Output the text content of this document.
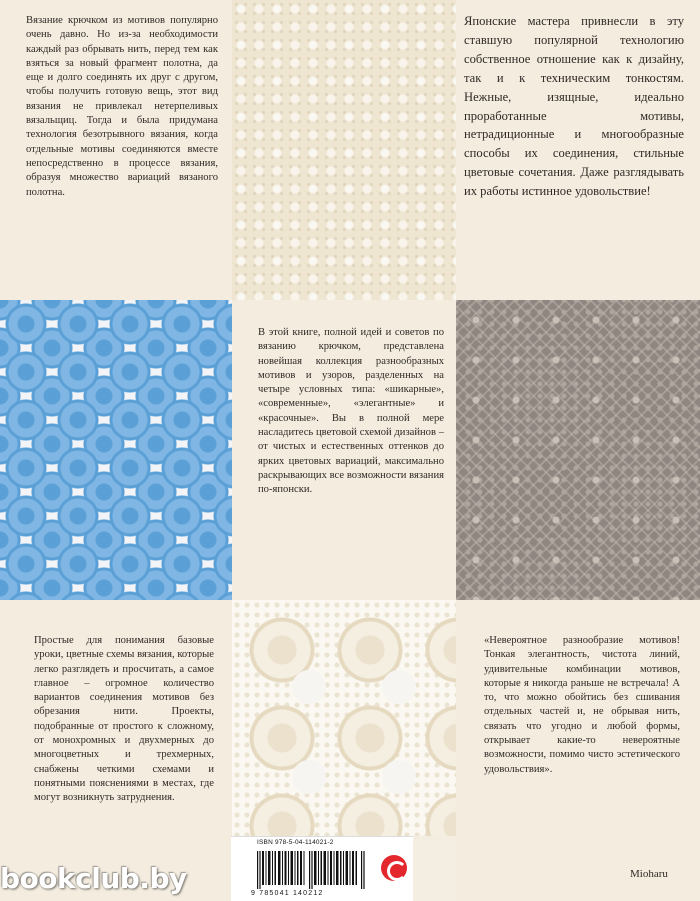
Вязание крючком из мотивов популярно очень давно. Но из-за необходимости каждый раз обрывать нить, перед тем как взяться за новый фрагмент полотна, да еще и долго соединять их друг с другом, чтобы получить готовую вещь, этот вид вязания не привлекал нетерпеливых вязальщиц. Тогда и была придумана технология безотрывного вязания, когда отдельные мотивы соединяются вместе непосредственно в процессе вязания, образуя множество вариаций вязаного полотна.

Японские мастера привнесли в эту ставшую популярной технологию собственное отношение как к дизайну, так и к техническим тонкостям. Нежные, изящные, идеально проработанные мотивы, нетрадиционные и многообразные способы их соединения, стильные цветовые сочетания. Даже разглядывать их работы истинное удовольствие!

В этой книге, полной идей и советов по вязанию крючком, представлена новейшая коллекция разнообразных мотивов и узоров, разделенных на четыре условных типа: «шикарные», «современные», «элегантные» и «красочные». Вы в полной мере насладитесь цветовой схемой дизайнов – от чистых и естественных оттенков до ярких цветовых вариаций, максимально раскрывающих все возможности вязания по-японски.

Простые для понимания базовые уроки, цветные схемы вязания, которые легко разглядеть и просчитать, а самое главное – огромное количество вариантов соединения мотивов без обрезания нити. Проекты, подобранные от простого к сложному, от монохромных и двухмерных до многоцветных и трехмерных, снабжены четкими схемами и понятными пояснениями в местах, где могут возникнуть затруднения.

«Невероятное разнообразие мотивов! Тонкая элегантность, чистота линий, удивительные комбинации мотивов, которые я никогда раньше не встречала! А то, что можно обойтись без сшивания отдельных частей и, не обрывая нить, связать что угодно и любой формы, открывает какие-то невероятные возможности, помимо чисто эстетического удовольствия».

Mioharu
ISBN 978-5-04-114021-2
9 785041 140212
bookclub.by
